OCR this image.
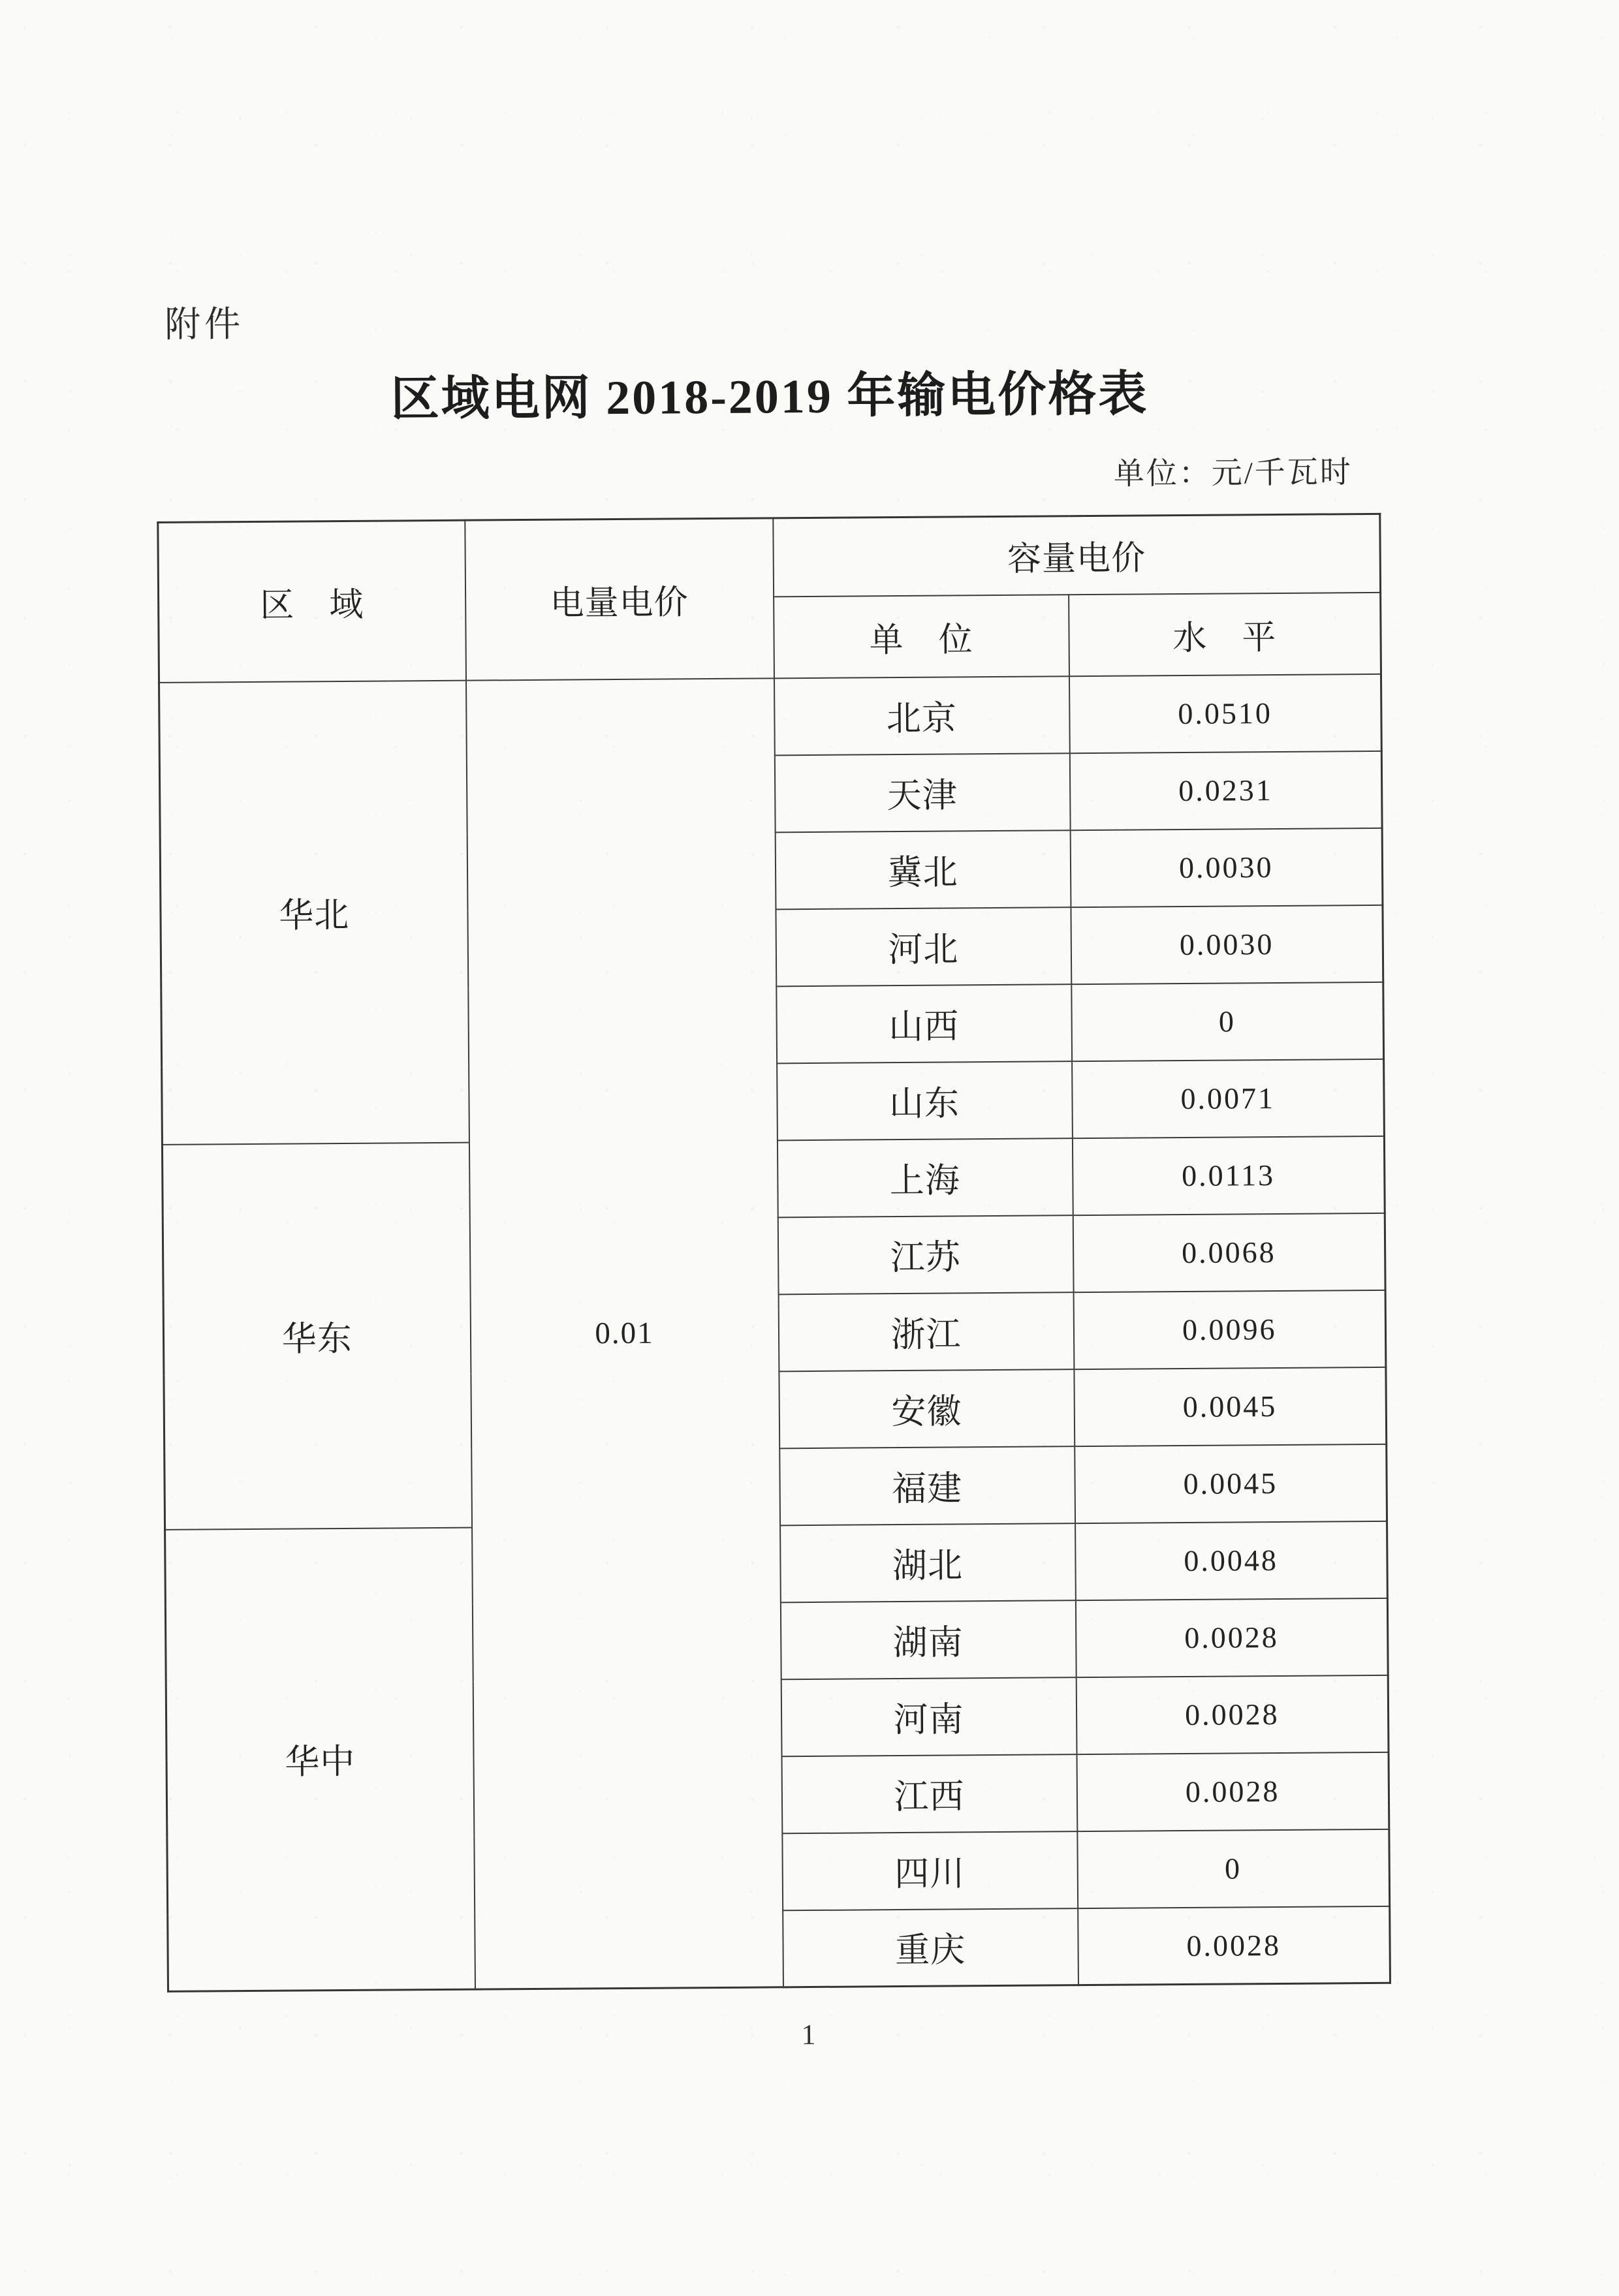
附件
区域电网 2018-2019 年输电价格表
单位：元/千瓦时
区　域	电量电价	容量电价	
		单　位	水　平
华北	0.01	北京	0.0510
		天津	0.0231
		冀北	0.0030
		河北	0.0030
		山西	0
		山东	0.0071
华东		上海	0.0113
		江苏	0.0068
		浙江	0.0096
		安徽	0.0045
		福建	0.0045
华中		湖北	0.0048
		湖南	0.0028
		河南	0.0028
		江西	0.0028
		四川	0
		重庆	0.0028
1
